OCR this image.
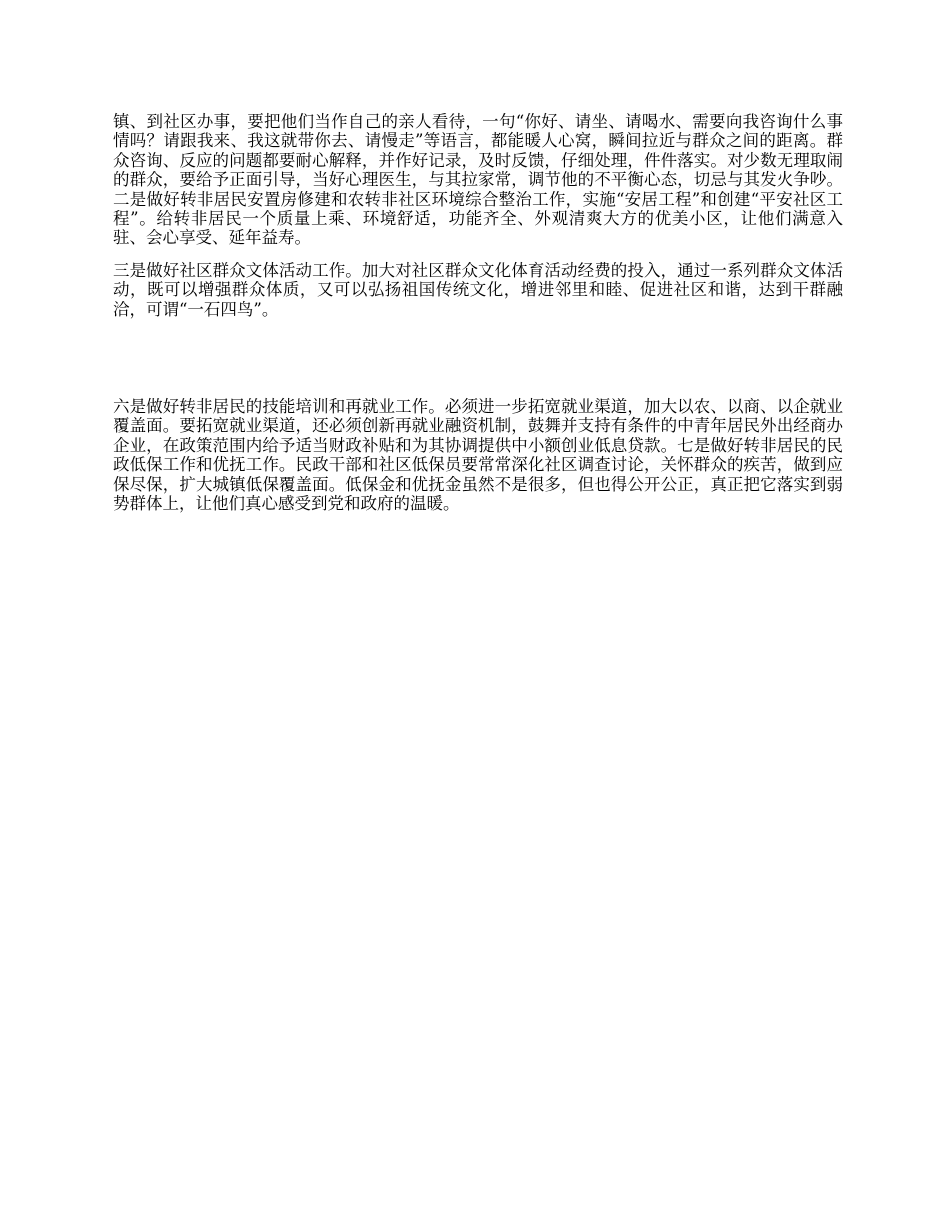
镇、到社区办事，要把他们当作自己的亲人看待，一句“你好、请坐、请喝水、需要向我咨询什么事情吗？请跟我来、我这就带你去、请慢走”等语言，都能暖人心窝，瞬间拉近与群众之间的距离。群众咨询、反应的问题都要耐心解释，并作好记录，及时反馈，仔细处理，件件落实。对少数无理取闹的群众，要给予正面引导，当好心理医生，与其拉家常，调节他的不平衡心态，切忌与其发火争吵。二是做好转非居民安置房修建和农转非社区环境综合整治工作，实施“安居工程”和创建“平安社区工程”。给转非居民一个质量上乘、环境舒适，功能齐全、外观清爽大方的优美小区，让他们满意入驻、会心享受、延年益寿。

三是做好社区群众文体活动工作。加大对社区群众文化体育活动经费的投入，通过一系列群众文体活动，既可以增强群众体质，又可以弘扬祖国传统文化，增进邻里和睦、促进社区和谐，达到干群融洽，可谓“一石四鸟”。

六是做好转非居民的技能培训和再就业工作。必须进一步拓宽就业渠道，加大以农、以商、以企就业覆盖面。要拓宽就业渠道，还必须创新再就业融资机制，鼓舞并支持有条件的中青年居民外出经商办企业，在政策范围内给予适当财政补贴和为其协调提供中小额创业低息贷款。七是做好转非居民的民政低保工作和优抚工作。民政干部和社区低保员要常常深化社区调查讨论，关怀群众的疾苦，做到应保尽保，扩大城镇低保覆盖面。低保金和优抚金虽然不是很多，但也得公开公正，真正把它落实到弱势群体上，让他们真心感受到党和政府的温暖。
